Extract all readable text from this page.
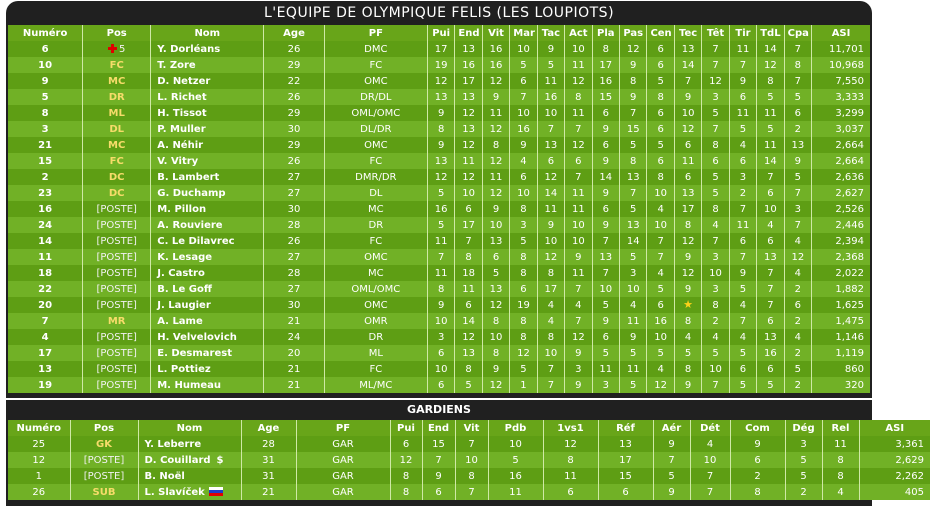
L'EQUIPE DE OLYMPIQUE FELIS (LES LOUPIOTS)
Numéro	Pos	Nom	Age	PF	Pui	End	Vit	Mar	Tac	Act	Pla	Pas	Cen	Tec	Têt	Tir	TdL	Cpa	ASI
6	5	Y. Dorléans	26	DMC	17	13	16	10	9	10	8	12	6	13	7	11	14	7	11,701
10	FC	T. Zore	29	FC	19	16	16	5	5	11	17	9	6	14	7	7	12	8	10,968
9	MC	D. Netzer	22	OMC	12	17	12	6	11	12	16	8	5	7	12	9	8	7	7,550
5	DR	L. Richet	26	DR/DL	13	13	9	7	16	8	15	9	8	9	3	6	5	5	3,333
8	ML	H. Tissot	29	OML/OMC	9	12	11	10	10	11	6	7	6	10	5	11	11	6	3,299
3	DL	P. Muller	30	DL/DR	8	13	12	16	7	7	9	15	6	12	7	5	5	2	3,037
21	MC	A. Néhir	29	OMC	9	12	8	9	13	12	6	5	5	6	8	4	11	13	2,664
15	FC	V. Vitry	26	FC	13	11	12	4	6	6	9	8	6	11	6	6	14	9	2,664
2	DC	B. Lambert	27	DMR/DR	12	12	11	6	12	7	14	13	8	6	5	3	7	5	2,636
23	DC	G. Duchamp	27	DL	5	10	12	10	14	11	9	7	10	13	5	2	6	7	2,627
16	[POSTE]	M. Pillon	30	MC	16	6	9	8	11	11	6	5	4	17	8	7	10	3	2,526
24	[POSTE]	A. Rouviere	28	DR	5	17	10	3	9	10	9	13	10	8	4	11	4	7	2,446
14	[POSTE]	C. Le Dilavrec	26	FC	11	7	13	5	10	10	7	14	7	12	7	6	6	4	2,394
11	[POSTE]	K. Lesage	27	OMC	7	8	6	8	12	9	13	5	7	9	3	7	13	12	2,368
18	[POSTE]	J. Castro	28	MC	11	18	5	8	8	11	7	3	4	12	10	9	7	4	2,022
22	[POSTE]	B. Le Goff	27	OML/OMC	8	11	13	6	17	7	10	10	5	9	3	5	7	2	1,882
20	[POSTE]	J. Laugier	30	OMC	9	6	12	19	4	4	5	4	6	★	8	4	7	6	1,625
7	MR	A. Lame	21	OMR	10	14	8	8	4	7	9	11	16	8	2	7	6	2	1,475
4	[POSTE]	H. Velvelovich	24	DR	3	12	10	8	8	12	6	9	10	4	4	4	13	4	1,146
17	[POSTE]	E. Desmarest	20	ML	6	13	8	12	10	9	5	5	5	5	5	5	16	2	1,119
13	[POSTE]	L. Pottiez	21	FC	10	8	9	5	7	3	11	11	4	8	10	6	6	5	860
19	[POSTE]	M. Humeau	21	ML/MC	6	5	12	1	7	9	3	5	12	9	7	5	5	2	320
GARDIENS
Numéro	Pos	Nom	Age	PF	Pui	End	Vit	Pdb	1vs1	Réf	Aér	Dét	Com	Dég	Rel	ASI
25	GK	Y. Leberre	28	GAR	6	15	7	10	12	13	9	4	9	3	11	3,361
12	[POSTE]	D. Couillard $	31	GAR	12	7	10	5	8	17	7	10	6	5	8	2,629
1	[POSTE]	B. Noël	31	GAR	8	9	8	16	11	15	5	7	2	5	8	2,262
26	SUB	L. Slavíček	21	GAR	8	6	7	11	6	6	9	7	8	2	4	405
